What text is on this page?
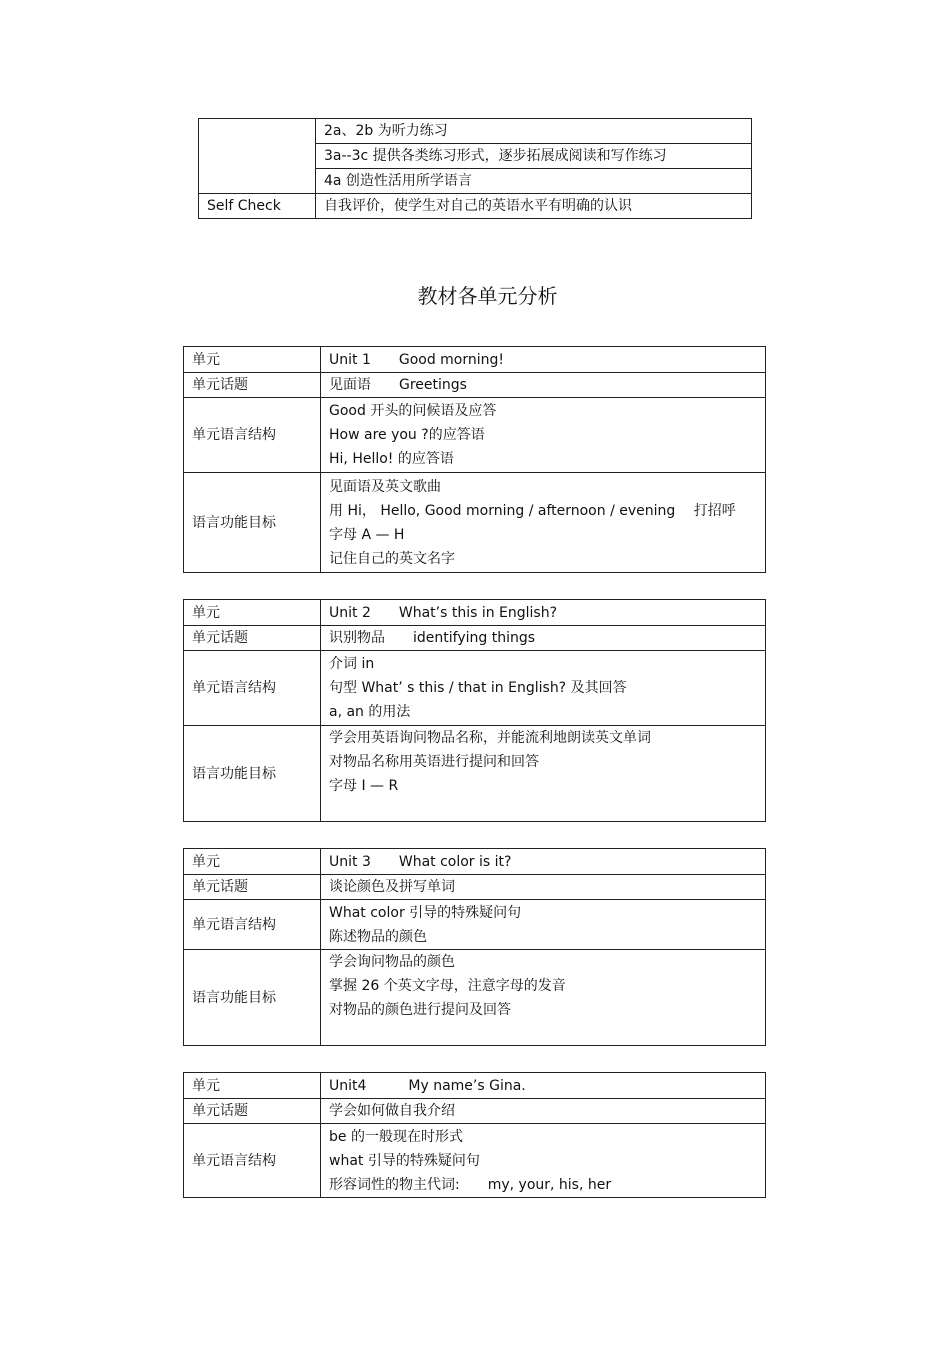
	2a、2b 为听力练习
	3a--3c 提供各类练习形式，逐步拓展成阅读和写作练习
	4a 创造性活用所学语言
Self Check	自我评价，使学生对自己的英语水平有明确的认识
教材各单元分析
单元	Unit 1　　Good morning!
单元话题	见面语　　Greetings
单元语言结构	Good 开头的问候语及应答
How are you ?的应答语
Hi, Hello! 的应答语

语言功能目标	见面语及英文歌曲
用 Hi， Hello, Good morning / afternoon / evening　 打招呼
字母 A — H
记住自己的英文名字
单元	Unit 2　　What’s this in English?
单元话题	识别物品　　identifying things
单元语言结构	介词 in
句型 What’ s this / that in English? 及其回答
a, an 的用法

语言功能目标	学会用英语询问物品名称，并能流利地朗读英文单词
对物品名称用英语进行提问和回答
字母 I — R
单元	Unit 3　　What color is it?
单元话题	谈论颜色及拼写单词
单元语言结构	What color 引导的特殊疑问句
陈述物品的颜色

语言功能目标	学会询问物品的颜色
掌握 26 个英文字母，注意字母的发音
对物品的颜色进行提问及回答
单元	Unit4　　　My name’s Gina.
单元话题	学会如何做自我介绍
单元语言结构	be 的一般现在时形式
what 引导的特殊疑问句
形容词性的物主代词:　　my, your, his, her
